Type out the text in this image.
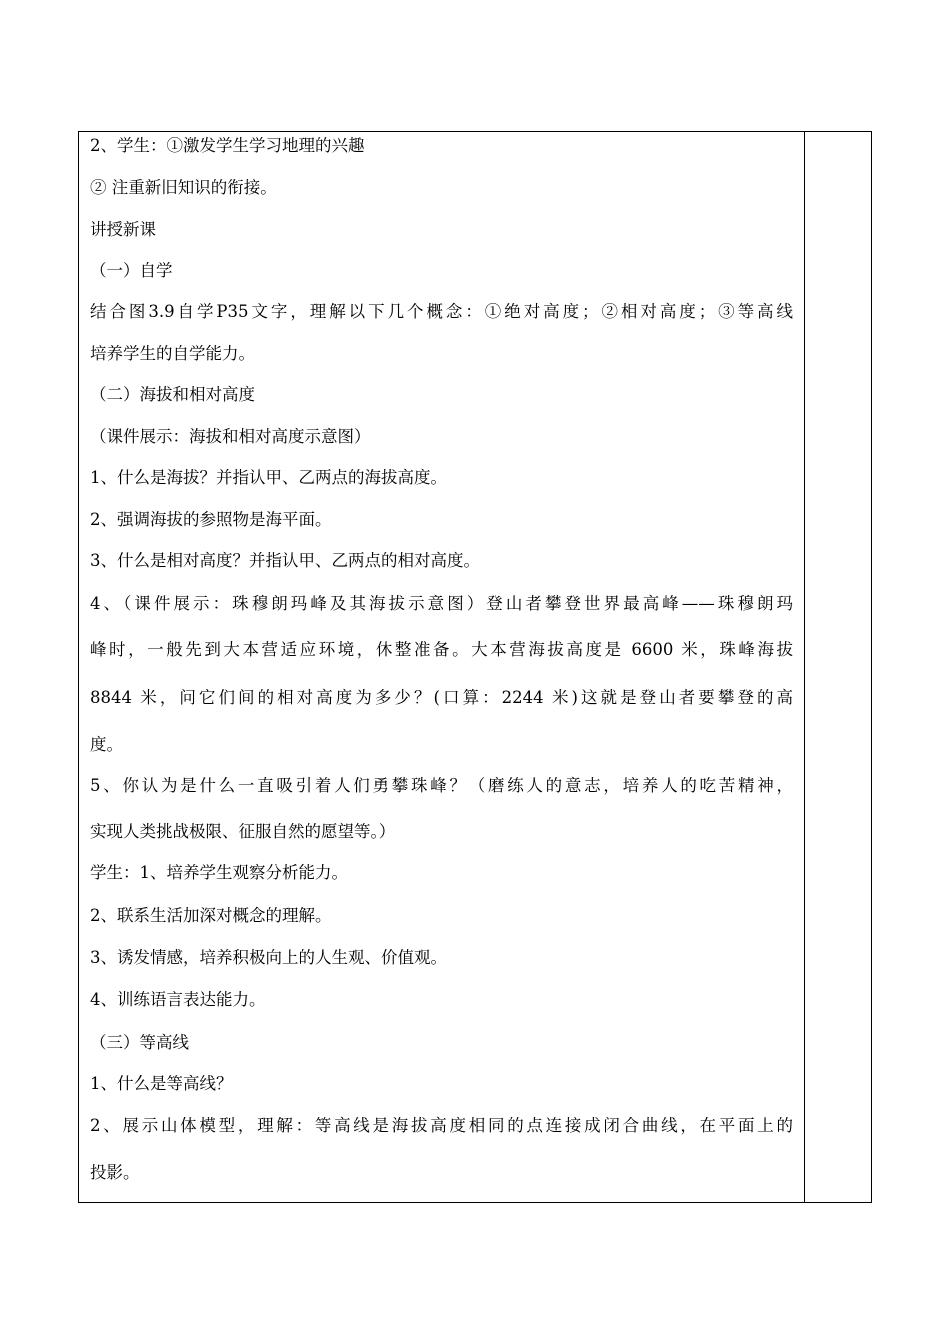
2、学生：①激发学生学习地理的兴趣
② 注重新旧知识的衔接。
讲授新课
（一）自学
结合图3.9自学P35文字，理解以下几个概念：①绝对高度；②相对高度；③等高线
培养学生的自学能力。
（二）海拔和相对高度
（课件展示：海拔和相对高度示意图）
1、什么是海拔？并指认甲、乙两点的海拔高度。
2、强调海拔的参照物是海平面。
3、什么是相对高度？并指认甲、乙两点的相对高度。
4、（课件展示：珠穆朗玛峰及其海拔示意图）登山者攀登世界最高峰——珠穆朗玛
峰时，一般先到大本营适应环境，休整准备。大本营海拔高度是 6600 米，珠峰海拔
8844 米，问它们间的相对高度为多少？(口算：2244 米)这就是登山者要攀登的高
度。
5、你认为是什么一直吸引着人们勇攀珠峰？（磨练人的意志，培养人的吃苦精神，
实现人类挑战极限、征服自然的愿望等。）
学生：1、培养学生观察分析能力。
2、联系生活加深对概念的理解。
3、诱发情感，培养积极向上的人生观、价值观。
4、训练语言表达能力。
（三）等高线
1、什么是等高线？
2、展示山体模型，理解：等高线是海拔高度相同的点连接成闭合曲线，在平面上的
投影。
